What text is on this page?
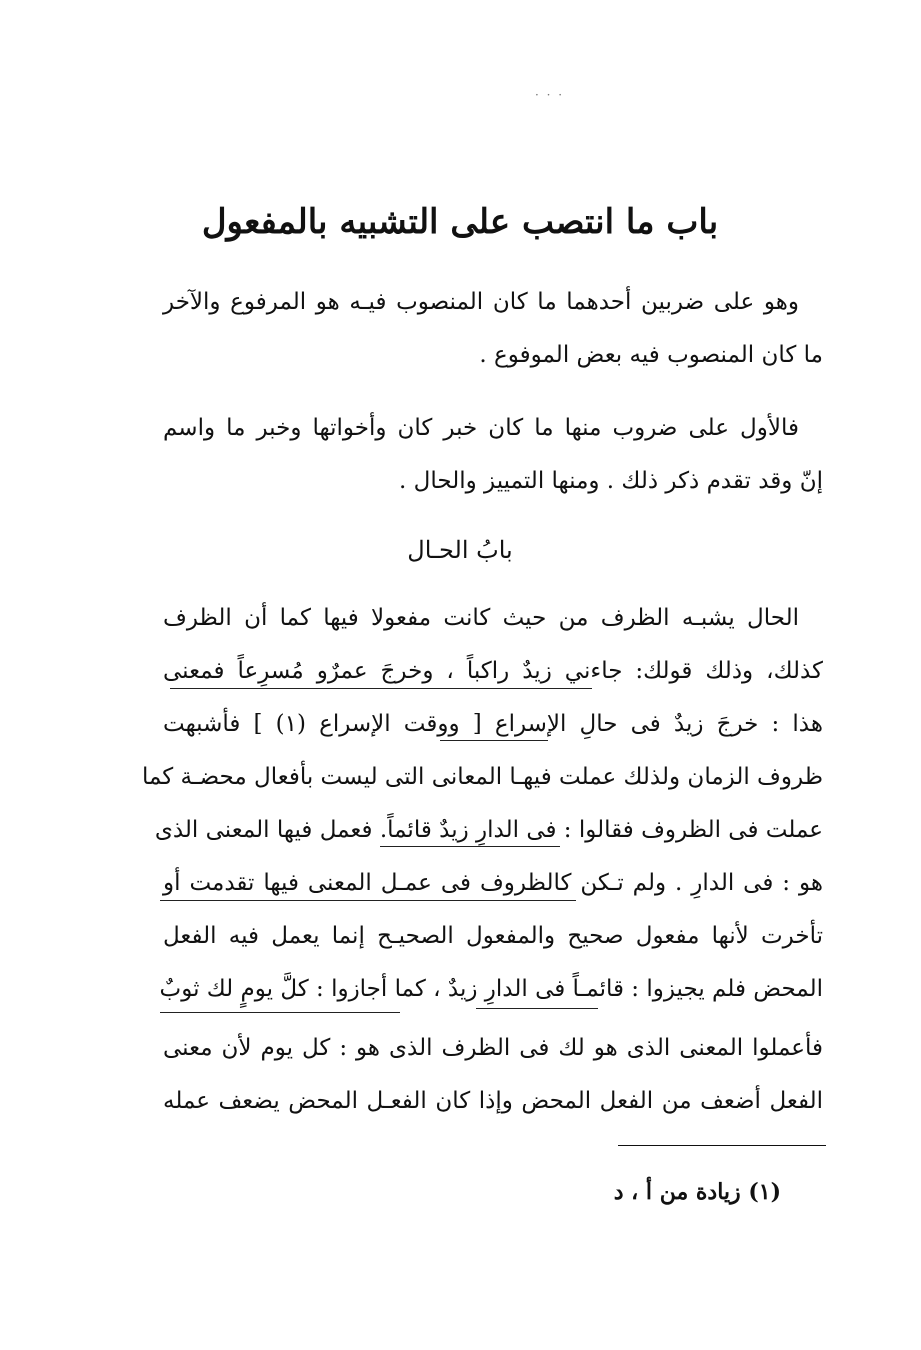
· · ·
باب ما انتصب على التشبيه بالمفعول
وهو على ضربين أحدهما ما كان المنصوب فيـه هو المرفوع والآخر
ما كان المنصوب فيه بعض الموفوع .
فالأول على ضروب منها ما كان خبر كان وأخواتها وخبر ما واسم
إنّ وقد تقدم ذكر ذلك . ومنها التمييز والحال .
بابُ الحـال
الحال يشبـه الظرف من حيث كانت مفعولا فيها كما أن الظرف
كذلك، وذلك قولك: جاءني زيدٌ راكباً ، وخرجَ عمرٌو مُسرِعاً فمعنى
هذا : خرجَ زيدٌ فى حالِ الإسراع [ ووقت الإسراع (١) ] فأشبهت
ظروف الزمان ولذلك عملت فيهـا المعانى التى ليست بأفعال محضـة كما
عملت فى الظروف فقالوا : فى الدارِ زيدٌ قائماً. فعمل فيها المعنى الذى
هو : فى الدارِ . ولم تـكن كالظروف فى عمـل المعنى فيها تقدمت أو
تأخرت لأنها مفعول صحيح والمفعول الصحيـح إنما يعمل فيه الفعل
المحض فلم يجيزوا : قائمـاً فى الدارِ زيدٌ ، كما أجازوا : كلَّ يومٍ لك ثوبٌ
فأعملوا المعنى الذى هو لك فى الظرف الذى هو : كل يوم لأن معنى
الفعل أضعف من الفعل المحض وإذا كان الفعـل المحض يضعف عمله
(١) زيادة من أ ، د
